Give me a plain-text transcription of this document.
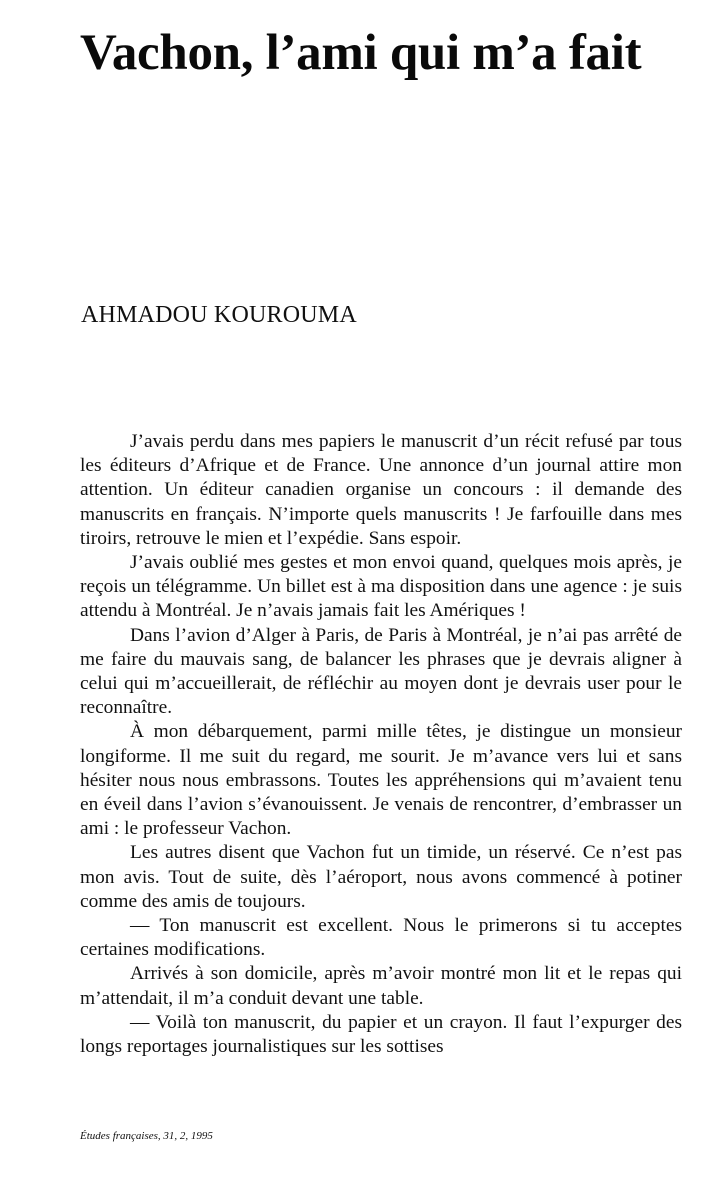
Vachon, l’ami qui m’a fait
AHMADOU KOUROUMA

J’avais perdu dans mes papiers le manuscrit d’un récit refusé par tous les éditeurs d’Afrique et de France. Une annonce d’un journal attire mon attention. Un éditeur canadien organise un concours : il demande des manuscrits en français. N’importe quels manuscrits ! Je farfouille dans mes tiroirs, retrouve le mien et l’expédie. Sans espoir.

J’avais oublié mes gestes et mon envoi quand, quelques mois après, je reçois un télégramme. Un billet est à ma disposition dans une agence : je suis attendu à Montréal. Je n’avais jamais fait les Amériques !

Dans l’avion d’Alger à Paris, de Paris à Montréal, je n’ai pas arrêté de me faire du mauvais sang, de balancer les phrases que je devrais aligner à celui qui m’accueillerait, de réfléchir au moyen dont je devrais user pour le reconnaître.

À mon débarquement, parmi mille têtes, je distingue un monsieur longiforme. Il me suit du regard, me sourit. Je m’avance vers lui et sans hésiter nous nous embrassons. Toutes les appréhensions qui m’avaient tenu en éveil dans l’avion s’évanouissent. Je venais de rencontrer, d’embrasser un ami : le professeur Vachon.

Les autres disent que Vachon fut un timide, un réservé. Ce n’est pas mon avis. Tout de suite, dès l’aéroport, nous avons commencé à potiner comme des amis de toujours.

— Ton manuscrit est excellent. Nous le primerons si tu acceptes certaines modifications.

Arrivés à son domicile, après m’avoir montré mon lit et le repas qui m’attendait, il m’a conduit devant une table.

— Voilà ton manuscrit, du papier et un crayon. Il faut l’expurger des longs reportages journalistiques sur les sottises

Études françaises, 31, 2, 1995
